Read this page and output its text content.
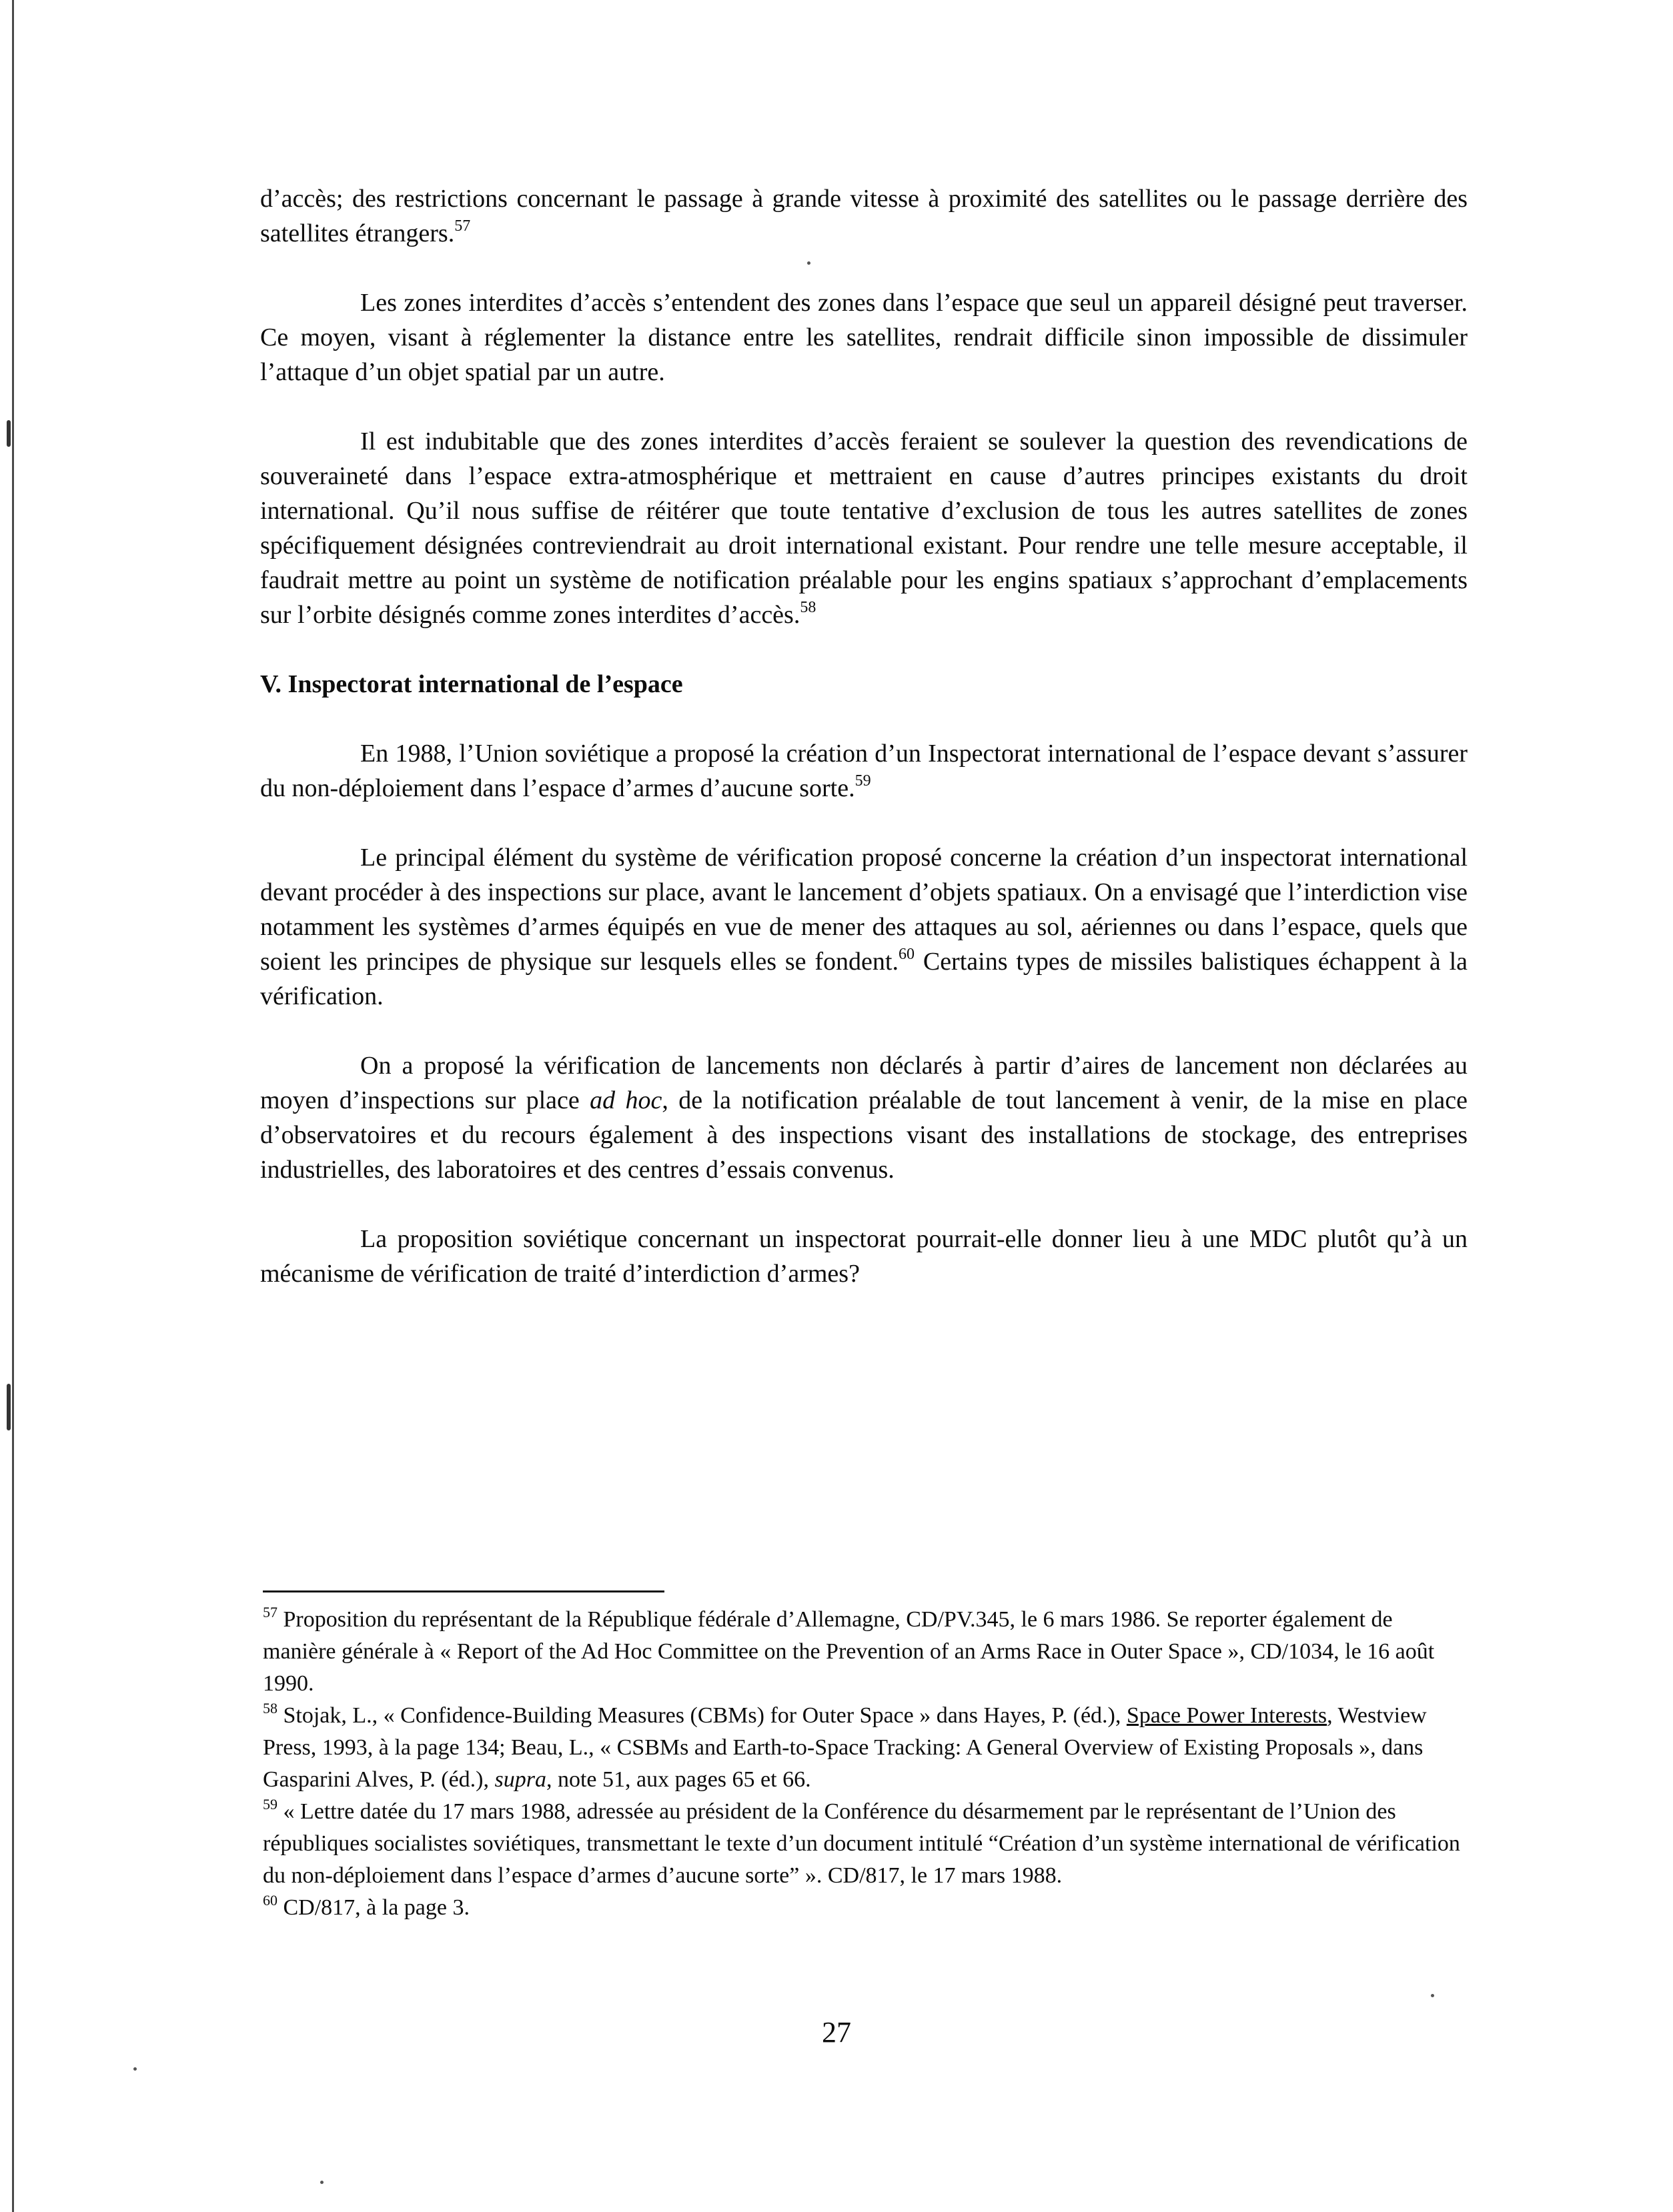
d’accès; des restrictions concernant le passage à grande vitesse à proximité des satellites ou le passage derrière des satellites étrangers.$^{57}$

Les zones interdites d’accès s’entendent des zones dans l’espace que seul un appareil désigné peut traverser. Ce moyen, visant à réglementer la distance entre les satellites, rendrait difficile sinon impossible de dissimuler l’attaque d’un objet spatial par un autre.

Il est indubitable que des zones interdites d’accès feraient se soulever la question des revendications de souveraineté dans l’espace extra-atmosphérique et mettraient en cause d’autres principes existants du droit international. Qu’il nous suffise de réitérer que toute tentative d’exclusion de tous les autres satellites de zones spécifiquement désignées contreviendrait au droit international existant. Pour rendre une telle mesure acceptable, il faudrait mettre au point un système de notification préalable pour les engins spatiaux s’approchant d’emplacements sur l’orbite désignés comme zones interdites d’accès.$^{58}$

V. Inspectorat international de l’espace

En 1988, l’Union soviétique a proposé la création d’un Inspectorat international de l’espace devant s’assurer du non-déploiement dans l’espace d’armes d’aucune sorte.$^{59}$

Le principal élément du système de vérification proposé concerne la création d’un inspectorat international devant procéder à des inspections sur place, avant le lancement d’objets spatiaux. On a envisagé que l’interdiction vise notamment les systèmes d’armes équipés en vue de mener des attaques au sol, aériennes ou dans l’espace, quels que soient les principes de physique sur lesquels elles se fondent.$^{60}$ Certains types de missiles balistiques échappent à la vérification.

On a proposé la vérification de lancements non déclarés à partir d’aires de lancement non déclarées au moyen d’inspections sur place ad hoc, de la notification préalable de tout lancement à venir, de la mise en place d’observatoires et du recours également à des inspections visant des installations de stockage, des entreprises industrielles, des laboratoires et des centres d’essais convenus.

La proposition soviétique concernant un inspectorat pourrait-elle donner lieu à une MDC plutôt qu’à un mécanisme de vérification de traité d’interdiction d’armes?

$^{57}$ Proposition du représentant de la République fédérale d’Allemagne, CD/PV.345, le 6 mars 1986. Se reporter également de manière générale à « Report of the Ad Hoc Committee on the Prevention of an Arms Race in Outer Space », CD/1034, le 16 août 1990.

$^{58}$ Stojak, L., « Confidence-Building Measures (CBMs) for Outer Space » dans Hayes, P. (éd.), Space Power Interests, Westview Press, 1993, à la page 134; Beau, L., « CSBMs and Earth-to-Space Tracking: A General Overview of Existing Proposals », dans Gasparini Alves, P. (éd.), supra, note 51, aux pages 65 et 66.

$^{59}$ « Lettre datée du 17 mars 1988, adressée au président de la Conférence du désarmement par le représentant de l’Union des républiques socialistes soviétiques, transmettant le texte d’un document intitulé “Création d’un système international de vérification du non-déploiement dans l’espace d’armes d’aucune sorte” ». CD/817, le 17 mars 1988.

$^{60}$ CD/817, à la page 3.

27
